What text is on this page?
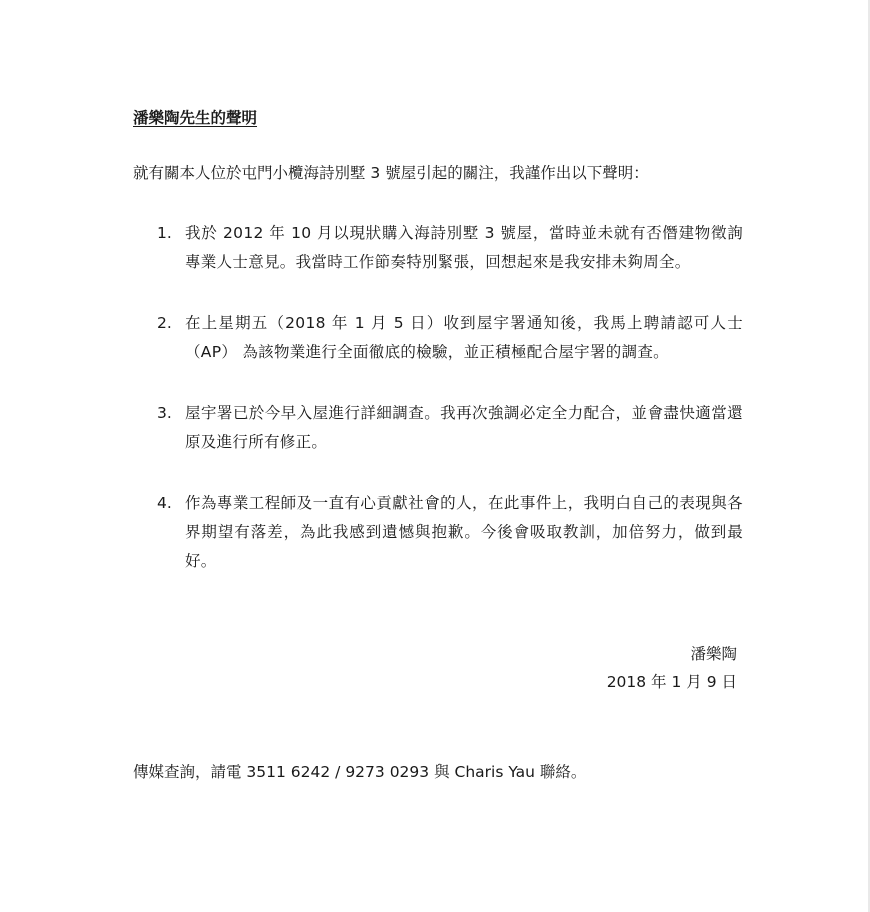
潘樂陶先生的聲明

就有關本人位於屯門小欖海詩別墅 3 號屋引起的關注，我謹作出以下聲明：

1. 我於 2012 年 10 月以現狀購入海詩別墅 3 號屋，當時並未就有否僭建物徵詢專業人士意見。我當時工作節奏特別緊張，回想起來是我安排未夠周全。
2. 在上星期五（2018 年 1 月 5 日）收到屋宇署通知後，我馬上聘請認可人士（AP） 為該物業進行全面徹底的檢驗，並正積極配合屋宇署的調查。
3. 屋宇署已於今早入屋進行詳細調查。我再次強調必定全力配合，並會盡快適當還原及進行所有修正。
4. 作為專業工程師及一直有心貢獻社會的人，在此事件上，我明白自己的表現與各界期望有落差，為此我感到遺憾與抱歉。今後會吸取教訓，加倍努力，做到最好。
潘樂陶
2018 年 1 月 9 日

傳媒查詢，請電 3511 6242 / 9273 0293 與 Charis Yau 聯絡。
